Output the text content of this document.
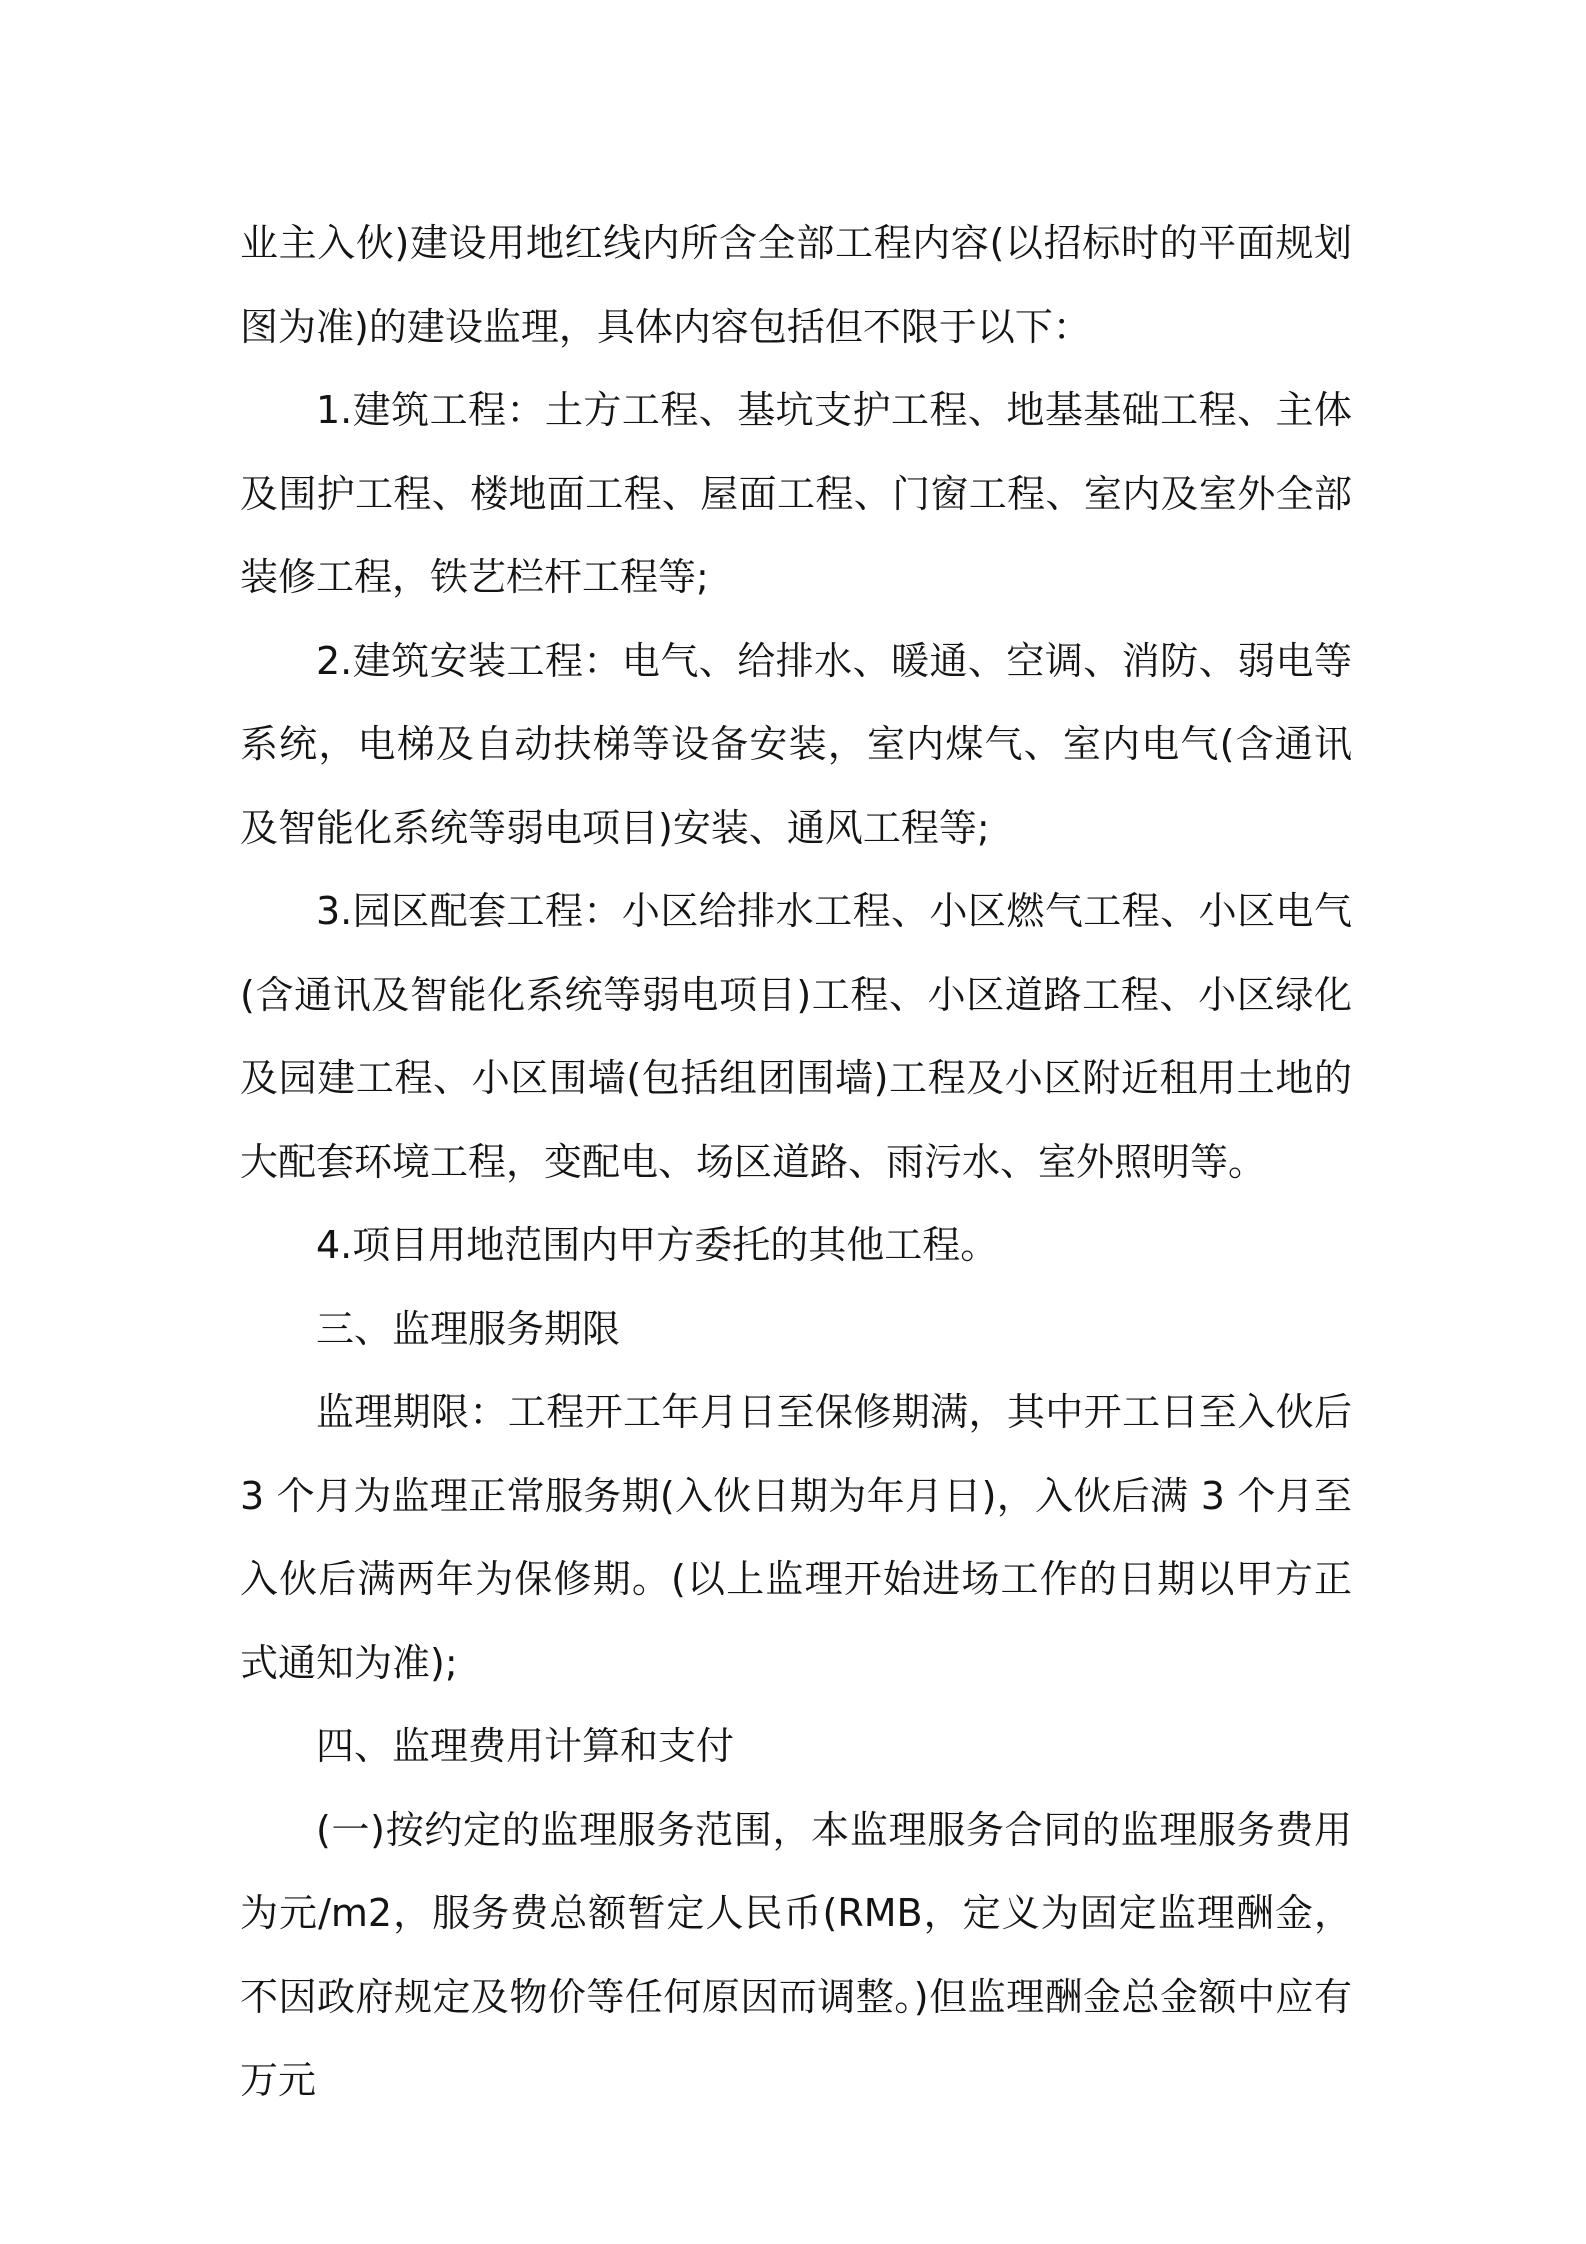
业主入伙)建设用地红线内所含全部工程内容(以招标时的平面规划图为准)的建设监理，具体内容包括但不限于以下：

1.建筑工程：土方工程、基坑支护工程、地基基础工程、主体及围护工程、楼地面工程、屋面工程、门窗工程、室内及室外全部装修工程，铁艺栏杆工程等;

2.建筑安装工程：电气、给排水、暖通、空调、消防、弱电等系统，电梯及自动扶梯等设备安装，室内煤气、室内电气(含通讯及智能化系统等弱电项目)安装、通风工程等;

3.园区配套工程：小区给排水工程、小区燃气工程、小区电气(含通讯及智能化系统等弱电项目)工程、小区道路工程、小区绿化及园建工程、小区围墙(包括组团围墙)工程及小区附近租用土地的大配套环境工程，变配电、场区道路、雨污水、室外照明等。

4.项目用地范围内甲方委托的其他工程。

三、监理服务期限

监理期限：工程开工年月日至保修期满，其中开工日至入伙后 3 个月为监理正常服务期(入伙日期为年月日)，入伙后满 3 个月至入伙后满两年为保修期。(以上监理开始进场工作的日期以甲方正式通知为准);

四、监理费用计算和支付

(一)按约定的监理服务范围，本监理服务合同的监理服务费用为元/m2，服务费总额暂定人民币(RMB，定义为固定监理酬金，不因政府规定及物价等任何原因而调整。)但监理酬金总金额中应有万元
